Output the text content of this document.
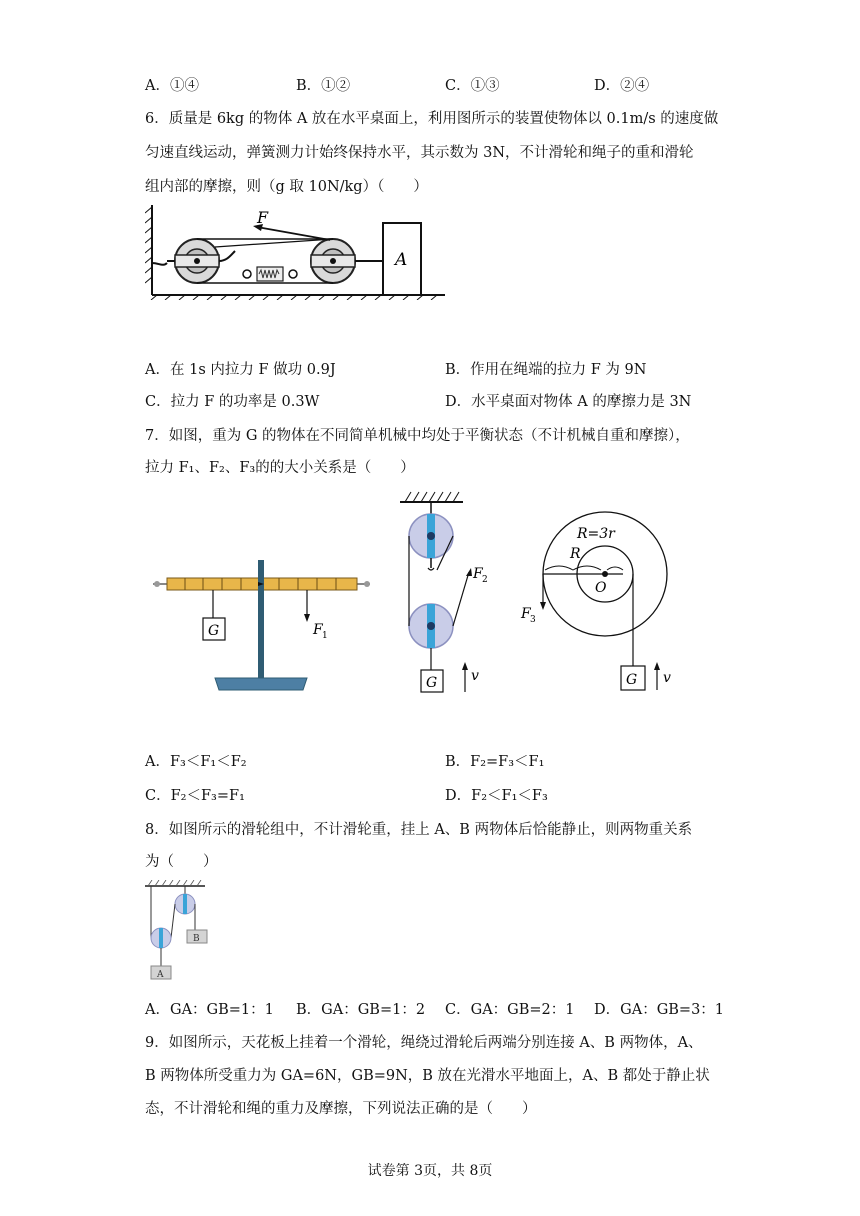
A．①④	B．①②	C．①③	D．②④
6．质量是 6kg 的物体 A 放在水平桌面上，利用图所示的装置使物体以 0.1m/s 的速度做
匀速直线运动，弹簧测力计始终保持水平，其示数为 3N，不计滑轮和绳子的重和滑轮
组内部的摩擦，则（g 取 10N/kg）（　　）
F
A
A．在 1s 内拉力 F 做功 0.9J	B．作用在绳端的拉力 F 为 9N
C．拉力 F 的功率是 0.3W	D．水平桌面对物体 A 的摩擦力是 3N
7．如图，重为 G 的物体在不同简单机械中均处于平衡状态（不计机械自重和摩擦），
拉力 F₁、F₂、F₃的的大小关系是（　　）
G	F 1
F 2
G v
R=3r
R
O
F 3
G v
A．F₃＜F₁＜F₂	B．F₂=F₃＜F₁
C．F₂＜F₃=F₁	D．F₂＜F₁＜F₃
8．如图所示的滑轮组中，不计滑轮重，挂上 A、B 两物体后恰能静止，则两物重关系
为（　　）
A
B
A．GA：GB=1：1 B．GA：GB=1：2 C．GA：GB=2：1 D．GA：GB=3：1
9．如图所示，天花板上挂着一个滑轮，绳绕过滑轮后两端分别连接 A、B 两物体，A、
B 两物体所受重力为 GA=6N，GB=9N，B 放在光滑水平地面上，A、B 都处于静止状
态，不计滑轮和绳的重力及摩擦，下列说法正确的是（　　）
试卷第 3页，共 8页
